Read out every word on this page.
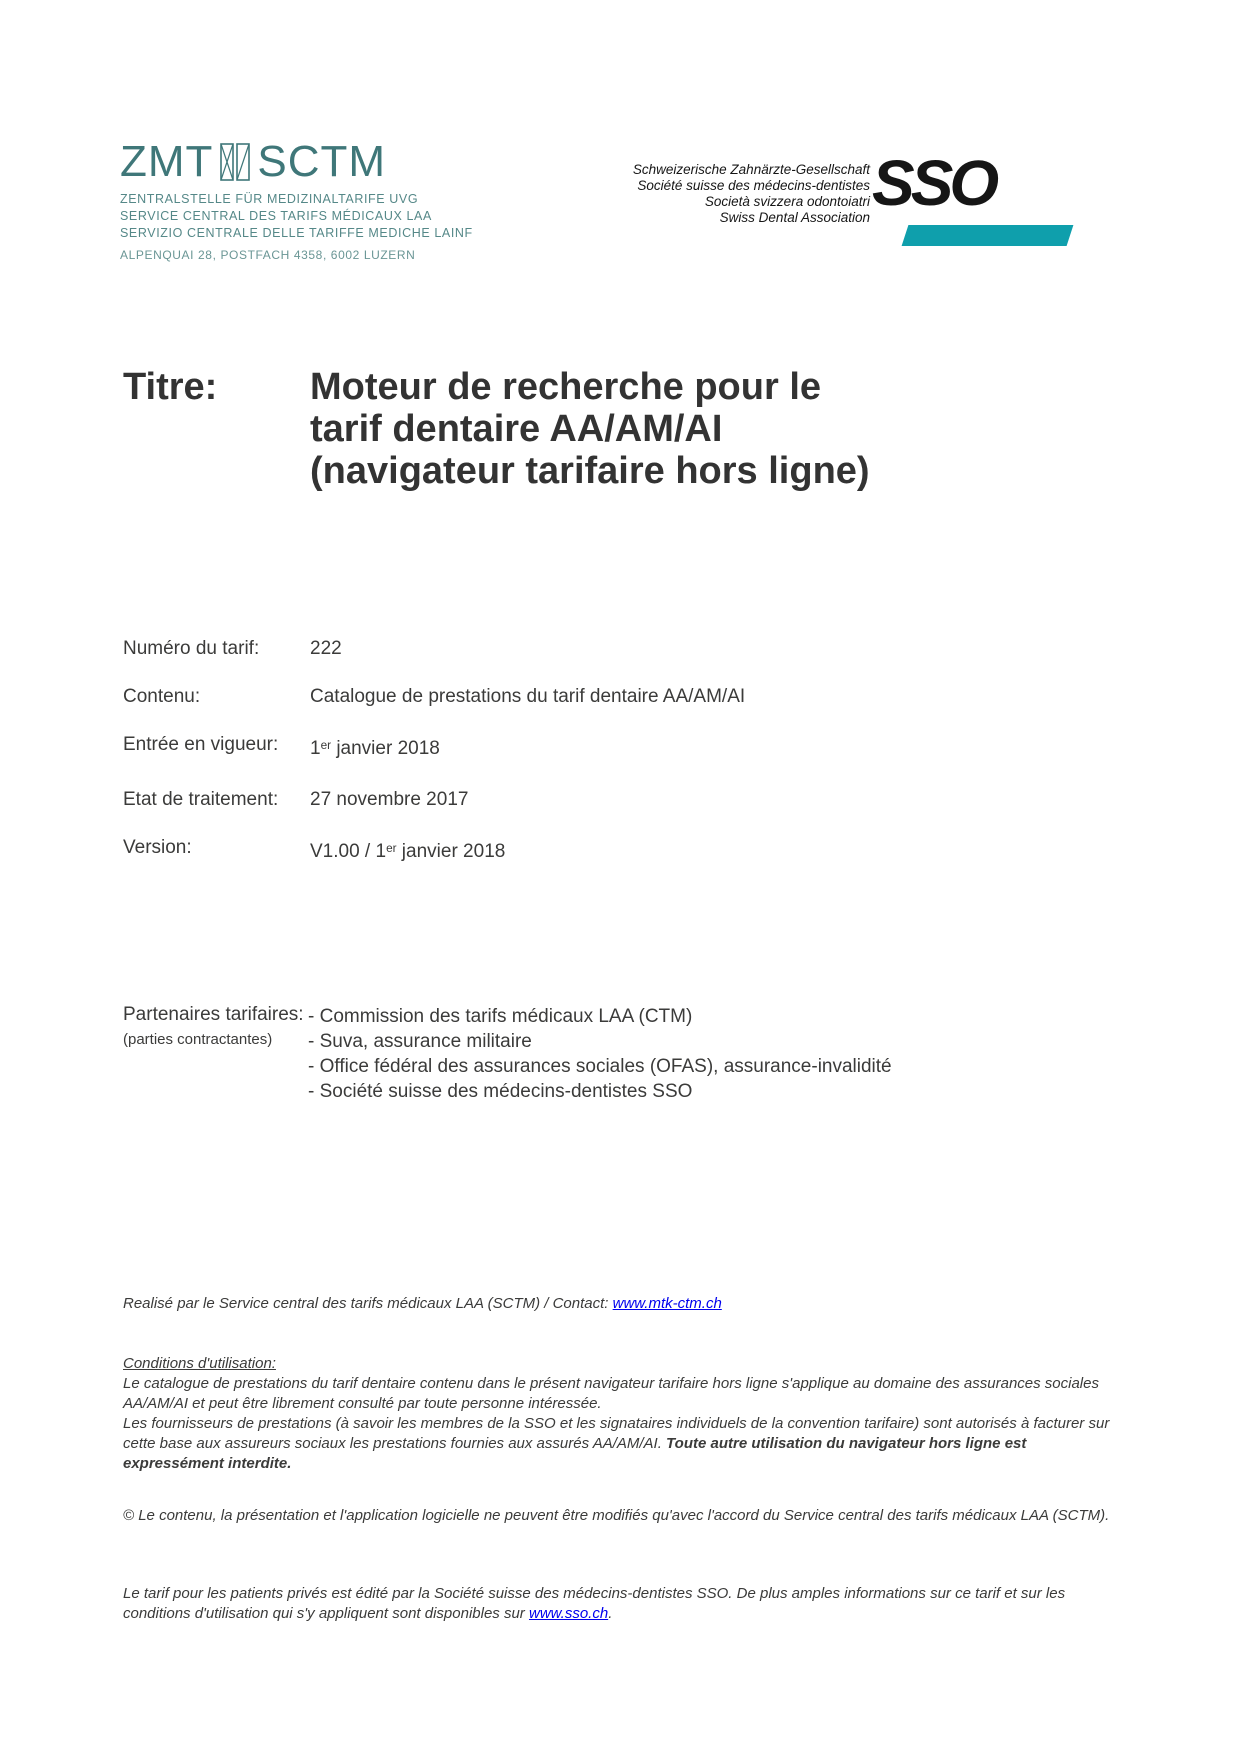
ZMT SCTM
ZENTRALSTELLE FÜR MEDIZINALTARIFE UVG
SERVICE CENTRAL DES TARIFS MÉDICAUX LAA
SERVIZIO CENTRALE DELLE TARIFFE MEDICHE LAINF
ALPENQUAI 28, POSTFACH 4358, 6002 LUZERN
Schweizerische Zahnärzte-Gesellschaft
Société suisse des médecins-dentistes
Società svizzera odontoiatri
Swiss Dental Association SSO
Titre: Moteur de recherche pour le
tarif dentaire AA/AM/AI
(navigateur tarifaire hors ligne)
Numéro du tarif:	222
Contenu:	Catalogue de prestations du tarif dentaire AA/AM/AI
Entrée en vigueur: 1er janvier 2018
Etat de traitement: 27 novembre 2017
Version:	V1.00 / 1er janvier 2018
Partenaires tarifaires:
(parties contractantes)
- Commission des tarifs médicaux LAA (CTM)
- Suva, assurance militaire
- Office fédéral des assurances sociales (OFAS), assurance-invalidité
- Société suisse des médecins-dentistes SSO
Realisé par le Service central des tarifs médicaux LAA (SCTM) / Contact: www.mtk-ctm.ch
Conditions d'utilisation:
Le catalogue de prestations du tarif dentaire contenu dans le présent navigateur tarifaire hors ligne s'applique au domaine des assurances sociales AA/AM/AI et peut être librement consulté par toute personne intéressée.
Les fournisseurs de prestations (à savoir les membres de la SSO et les signataires individuels de la convention tarifaire) sont autorisés à facturer sur cette base aux assureurs sociaux les prestations fournies aux assurés AA/AM/AI. Toute autre utilisation du navigateur hors ligne est expressément interdite.
© Le contenu, la présentation et l'application logicielle ne peuvent être modifiés qu'avec l'accord du Service central des tarifs médicaux LAA (SCTM).
Le tarif pour les patients privés est édité par la Société suisse des médecins-dentistes SSO. De plus amples informations sur ce tarif et sur les conditions d'utilisation qui s'y appliquent sont disponibles sur www.sso.ch.
